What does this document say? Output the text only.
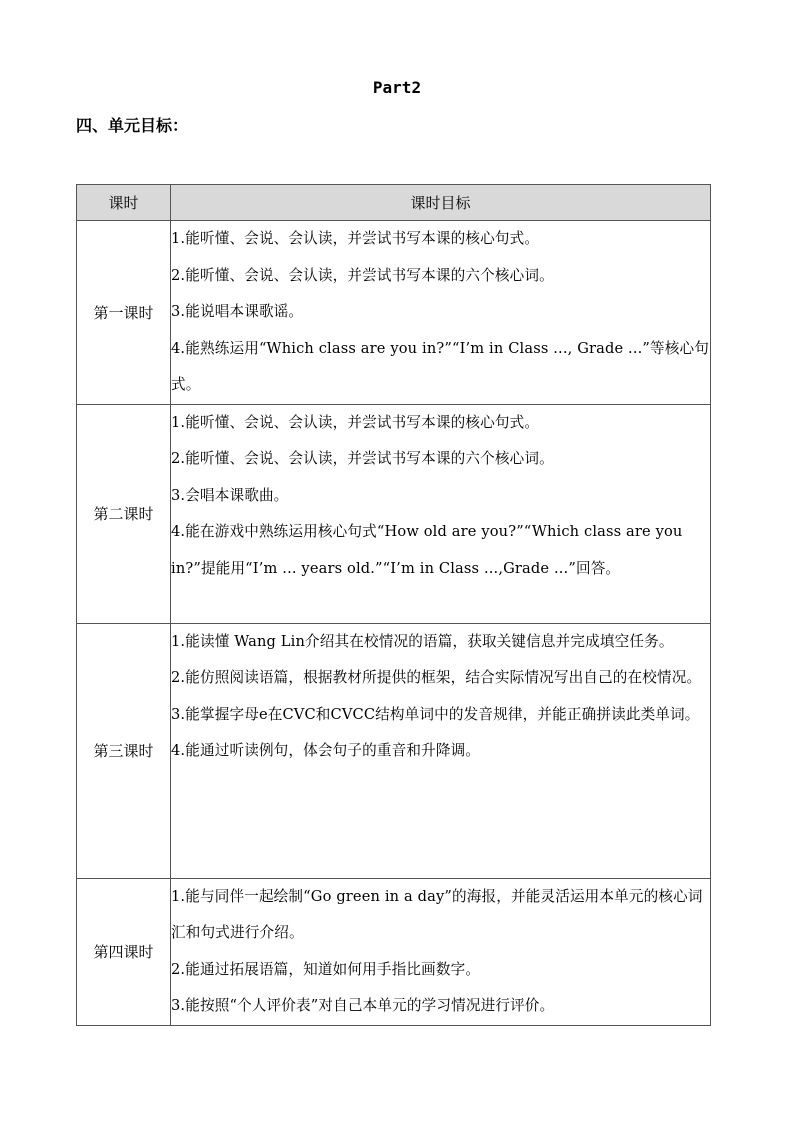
Part2
四、单元目标：
课时	课时目标
第一课时	1.能听懂、会说、会认读，并尝试书写本课的核心句式。
2.能听懂、会说、会认读，并尝试书写本课的六个核心词。
3.能说唱本课歌谣。
4.能熟练运用“Which class are you in?”“I’m in Class ..., Grade ...”等核心句式。

第二课时	1.能听懂、会说、会认读，并尝试书写本课的核心句式。
2.能听懂、会说、会认读，并尝试书写本课的六个核心词。
3.会唱本课歌曲。
4.能在游戏中熟练运用核心句式“How old are you?”“Which class are you in?”提能用“I’m ... years old.”“I’m in Class ...,Grade ...”回答。

第三课时	1.能读懂 Wang Lin介绍其在校情况的语篇，获取关键信息并完成填空任务。
2.能仿照阅读语篇，根据教材所提供的框架，结合实际情况写出自己的在校情况。
3.能掌握字母e在CVC和CVCC结构单词中的发音规律，并能正确拼读此类单词。
4.能通过听读例句，体会句子的重音和升降调。

第四课时	1.能与同伴一起绘制“Go green in a day”的海报，并能灵活运用本单元的核心词汇和句式进行介绍。
2.能通过拓展语篇，知道如何用手指比画数字。
3.能按照“个人评价表”对自己本单元的学习情况进行评价。
